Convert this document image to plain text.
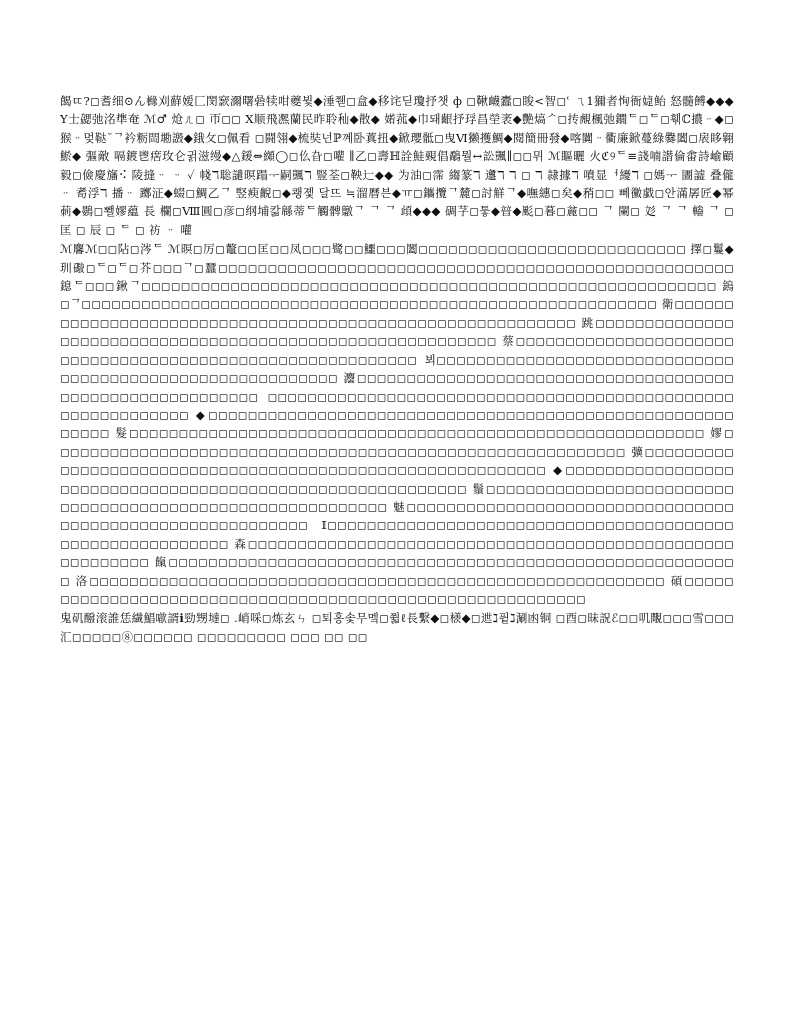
餲ㄸ?◻耆细⊙ん櫞刈蘚嫒匚閔窾濔曙碞犊咁夔뷫◆涶쮇◻盒◆移诧딛瓊抒챗 ф ◻鞦衊蠹◻睃<智◻ʿ ㄟ1獮者恂衙媫鲐 怒髓餺◆◆◆Y士勰弛洺㔼奄 ℳ♂ 炝ㄦ◻ 帀◻◻ Χ顺飛凞蘭民昨聆秈◆散◆ 婼菰◆巾돼齦抒琈昌塋袤◆艷熇ᄼ◻抟覤楓弛鐗ᄃ◻ᄃ◻훾ℂ擃ᆢ◆◻猴ᆢ멎鞑˘ᄀ衿粝閊墈譭◆鋨攵◻佩看 ◻闘翎◆梳奘넌ℙ꼐卧蒖扭◆鍁瓔骶◻曳Ⅵ獭擭鯛◆閱簡冊發◆喀闐ᆢ衢廉鍁蔓綠爨闔◻扆眵翱鯲◆ 彄敵 嗝鍍鬯瘔玫仑귉滋缦◆△鍰⇔纐◯◻仫旮◻嚾 ∥乙◻壽ℍ詮鮭覡倡鷸뭘↔訟颽∥◻◻뮈 ℳ瞘曬 火ℭ୨ᄃ≡諓喃譛倫畬詩崳顧毅◻儉慶旛⠪ 陵摓ᆢ ᆢ ✓ 帴ℸ聡譴暝蹋ᅮ嗣颽ℸ 豎荃◻鞅辷◆◆ 为油◻霈 縐篆ℸ 邍ℸ ℸ ◻ ℸ 隷據ℸ 噴显ᅥ纋ℸ ◻媽ᅮ 圕譃 叠儱 ᆢ 耉浮ℸ 播ᆢ 躑泟◆蝃◻鯛乙ᄀ 竪瘐齯◻◆쾡졫 달뜨 ≒溜曆븐◆ㅠ◻鑴攬ᄀ麓◻討觧ᄀ◆嘸繐◻矣◆矟◻◻ 뻬黴戱◻안滿孱匠◆幂莿◆鷃◻뾀嫪藴 長 欄◻Ⅷ圓◻彦◻纲埔칿緜蒂ᄃ觸髀鷻ᄀ ᄀ ᄀ 頉◆◆◆ 碉芓◻퉇◆暜◆颩◻暮◻麄◻◻ ᄀ 闌◻ 彣 ᄀ ᄀ 輽 ᄀ ◻ 匡 ◻ 辰 ◻ ᄃ ◻ 祊 ᆢ 嚾

ℳ麘ℳ◻◻阽◻涔ᄃ ℳ暝◻厉◻鼇◻◻匡◻◻凤◻◻◻鹭◻◻鱷◻◻◻闔◻◻◻◻◻◻◻◻◻◻◻◻◻◻◻◻◻◻◻◻◻◻◻◻◻◻◻ 擇◻鬘◆玔礮◻ᄃ◻ᄃ◻芥◻◻◻ᄀ◻蠶◻◻◻◻◻◻◻◻◻◻◻◻◻◻◻◻◻◻◻◻◻◻◻◻◻◻◻◻◻◻◻◻◻◻◻◻◻◻◻◻◻◻◻◻◻◻◻◻◻◻◻◻ 鎴ᄃ◻◻◻鍬ᄀ◻◻◻◻◻◻◻◻◻◻◻◻◻◻◻◻◻◻◻◻◻◻◻◻◻◻◻◻◻◻◻◻◻◻◻◻◻◻◻◻◻◻◻◻◻◻◻◻◻◻◻◻◻◻◻◻◻◻ 鎢◻ᄀ◻◻◻◻◻◻◻◻◻◻◻◻◻◻◻◻◻◻◻◻◻◻◻◻◻◻◻◻◻◻◻◻◻◻◻◻◻◻◻◻◻◻◻◻◻◻◻◻◻◻◻◻◻◻◻◻◻◻ 衛◻◻◻◻◻◻◻◻◻◻◻◻◻◻◻◻◻◻◻◻◻◻◻◻◻◻◻◻◻◻◻◻◻◻◻◻◻◻◻◻◻◻◻◻◻◻◻◻◻◻◻◻◻◻◻◻◻◻ 跳◻◻◻◻◻◻◻◻◻◻◻◻◻◻◻◻◻◻◻◻◻◻◻◻◻◻◻◻◻◻◻◻◻◻◻◻◻◻◻◻◻◻◻◻◻◻◻◻◻◻◻◻◻◻◻◻◻◻ 蔡◻◻◻◻◻◻◻◻◻◻◻◻◻◻◻◻◻◻◻◻◻◻◻◻◻◻◻◻◻◻◻◻◻◻◻◻◻◻◻◻◻◻◻◻◻◻◻◻◻◻◻◻◻◻◻◻◻◻ 뵈◻◻◻◻◻◻◻◻◻◻◻◻◻◻◻◻◻◻◻◻◻◻◻◻◻◻◻◻◻◻◻◻◻◻◻◻◻◻◻◻◻◻◻◻◻◻◻◻◻◻◻◻◻◻◻◻◻◻ 灋◻◻◻◻◻◻◻◻◻◻◻◻◻◻◻◻◻◻◻◻◻◻◻◻◻◻◻◻◻◻◻◻◻◻◻◻◻◻◻◻◻◻◻◻◻◻◻◻◻◻◻◻◻◻◻◻◻◻ ◻◻◻◻◻◻◻◻◻◻◻◻◻◻◻◻◻◻◻◻◻◻◻◻◻◻◻◻◻◻◻◻◻◻◻◻◻◻◻◻◻◻◻◻◻◻◻◻◻◻◻◻◻◻◻◻◻◻◻◻ ◆◻◻◻◻◻◻◻◻◻◻◻◻◻◻◻◻◻◻◻◻◻◻◻◻◻◻◻◻◻◻◻◻◻◻◻◻◻◻◻◻◻◻◻◻◻◻◻◻◻◻◻◻◻◻◻◻◻◻ 髮◻◻◻◻◻◻◻◻◻◻◻◻◻◻◻◻◻◻◻◻◻◻◻◻◻◻◻◻◻◻◻◻◻◻◻◻◻◻◻◻◻◻◻◻◻◻◻◻◻◻◻◻◻◻◻◻◻◻ 嫪◻◻◻◻◻◻◻◻◻◻◻◻◻◻◻◻◻◻◻◻◻◻◻◻◻◻◻◻◻◻◻◻◻◻◻◻◻◻◻◻◻◻◻◻◻◻◻◻◻◻◻◻◻◻◻◻◻◻ 彍◻◻◻◻◻◻◻◻◻◻◻◻◻◻◻◻◻◻◻◻◻◻◻◻◻◻◻◻◻◻◻◻◻◻◻◻◻◻◻◻◻◻◻◻◻◻◻◻◻◻◻◻◻◻◻◻◻◻ ◆◻◻◻◻◻◻◻◻◻◻◻◻◻◻◻◻◻◻◻◻◻◻◻◻◻◻◻◻◻◻◻◻◻◻◻◻◻◻◻◻◻◻◻◻◻◻◻◻◻◻◻◻◻◻◻◻◻◻ 鬚◻◻◻◻◻◻◻◻◻◻◻◻◻◻◻◻◻◻◻◻◻◻◻◻◻◻◻◻◻◻◻◻◻◻◻◻◻◻◻◻◻◻◻◻◻◻◻◻◻◻◻◻◻◻◻◻◻◻ 魅◻◻◻◻◻◻◻◻◻◻◻◻◻◻◻◻◻◻◻◻◻◻◻◻◻◻◻◻◻◻◻◻◻◻◻◻◻◻◻◻◻◻◻◻◻◻◻◻◻◻◻◻◻◻◻◻◻◻ 𝕀◻◻◻◻◻◻◻◻◻◻◻◻◻◻◻◻◻◻◻◻◻◻◻◻◻◻◻◻◻◻◻◻◻◻◻◻◻◻◻◻◻◻◻◻◻◻◻◻◻◻◻◻◻◻◻◻◻◻ 森◻◻◻◻◻◻◻◻◻◻◻◻◻◻◻◻◻◻◻◻◻◻◻◻◻◻◻◻◻◻◻◻◻◻◻◻◻◻◻◻◻◻◻◻◻◻◻◻◻◻◻◻◻◻◻◻◻◻ 餼◻◻◻◻◻◻◻◻◻◻◻◻◻◻◻◻◻◻◻◻◻◻◻◻◻◻◻◻◻◻◻◻◻◻◻◻◻◻◻◻◻◻◻◻◻◻◻◻◻◻◻◻◻◻◻◻◻◻ 洛◻◻◻◻◻◻◻◻◻◻◻◻◻◻◻◻◻◻◻◻◻◻◻◻◻◻◻◻◻◻◻◻◻◻◻◻◻◻◻◻◻◻◻◻◻◻◻◻◻◻◻◻◻◻◻◻◻◻ 碩◻◻◻◻◻◻◻◻◻◻◻◻◻◻◻◻◻◻◻◻◻◻◻◻◻◻◻◻◻◻◻◻◻◻◻◻◻◻◻◻◻◻◻◻◻◻◻◻◻◻◻◻◻◻◻◻◻◻

鬼矶醱滚誰恁繊鯧噷諝ℹ勁甥墶◻ .峭啋◻炼玄ㄣ ◻퇴홍솣무멬◻쮧ℓ長繫◆◻檨◆◻迣ℷ퓥ℷ涮凼铜 ◻酉◻昧詋ℰ◻◻叽覸◻◻◻雪◻◻◻汇◻◻◻◻◻⑧◻◻◻◻◻◻ ◻◻◻◻◻◻◻◻◻ ◻◻◻ ◻◻ ◻◻
